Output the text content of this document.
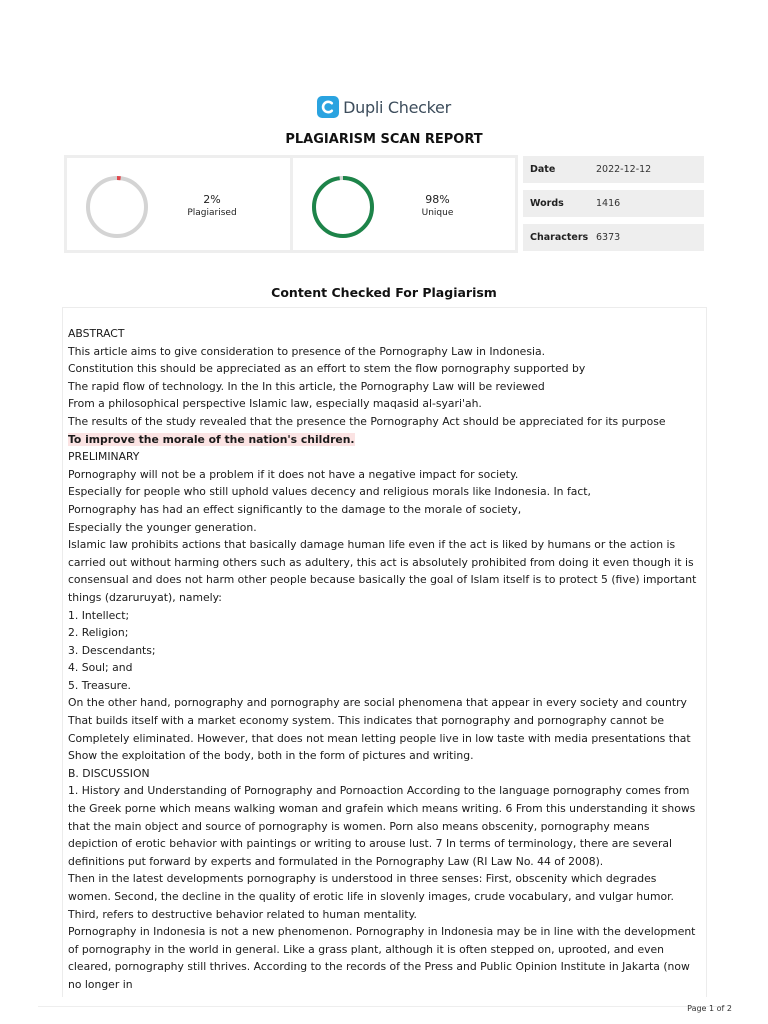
Dupli Checker
PLAGIARISM SCAN REPORT
2%
Plagiarised
98%
Unique
Date	2022-12-12
Words	1416
Characters 6373
Content Checked For Plagiarism

ABSTRACT

This article aims to give consideration to presence of the Pornography Law in Indonesia.

Constitution this should be appreciated as an effort to stem the flow pornography supported by

The rapid flow of technology. In the In this article, the Pornography Law will be reviewed

From a philosophical perspective Islamic law, especially maqasid al-syari'ah.

The results of the study revealed that the presence the Pornography Act should be appreciated for its purpose

To improve the morale of the nation's children.

PRELIMINARY

Pornography will not be a problem if it does not have a negative impact for society.

Especially for people who still uphold values decency and religious morals like Indonesia. In fact,

Pornography has had an effect significantly to the damage to the morale of society,

Especially the younger generation.

Islamic law prohibits actions that basically damage human life even if the act is liked by humans or the action is carried out without harming others such as adultery, this act is absolutely prohibited from doing it even though it is consensual and does not harm other people because basically the goal of Islam itself is to protect 5 (five) important things (dzaruruyat), namely:

1. Intellect;

2. Religion;

3. Descendants;

4. Soul; and

5. Treasure.

On the other hand, pornography and pornography are social phenomena that appear in every society and country That builds itself with a market economy system. This indicates that pornography and pornography cannot be Completely eliminated. However, that does not mean letting people live in low taste with media presentations that Show the exploitation of the body, both in the form of pictures and writing.

B. DISCUSSION

1. History and Understanding of Pornography and Pornoaction According to the language pornography comes from the Greek porne which means walking woman and grafein which means writing. 6 From this understanding it shows that the main object and source of pornography is women. Porn also means obscenity, pornography means depiction of erotic behavior with paintings or writing to arouse lust. 7 In terms of terminology, there are several definitions put forward by experts and formulated in the Pornography Law (RI Law No. 44 of 2008).

Then in the latest developments pornography is understood in three senses: First, obscenity which degrades women. Second, the decline in the quality of erotic life in slovenly images, crude vocabulary, and vulgar humor. Third, refers to destructive behavior related to human mentality.

Pornography in Indonesia is not a new phenomenon. Pornography in Indonesia may be in line with the development of pornography in the world in general. Like a grass plant, although it is often stepped on, uprooted, and even cleared, pornography still thrives. According to the records of the Press and Public Opinion Institute in Jakarta (now no longer in

Page 1 of 2
